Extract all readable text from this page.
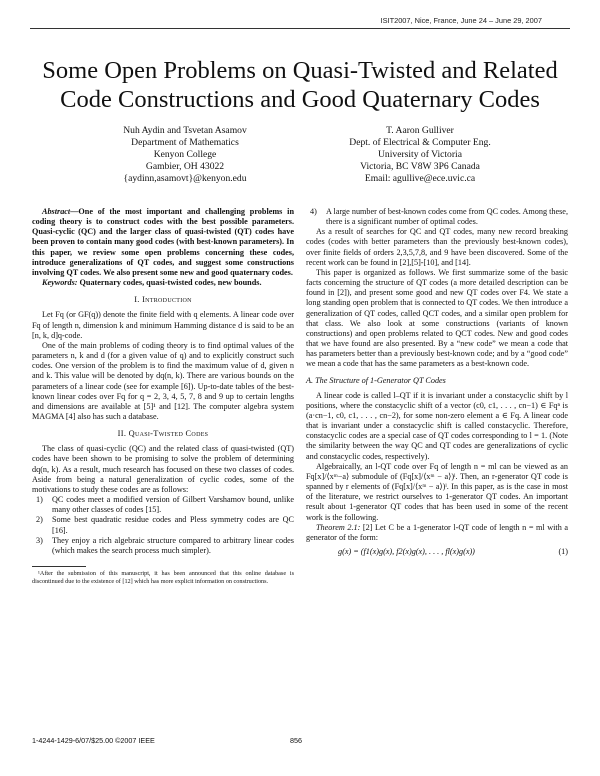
ISIT2007, Nice, France, June 24 – June 29, 2007
Some Open Problems on Quasi-Twisted and Related
Code Constructions and Good Quaternary Codes
Nuh Aydin and Tsvetan Asamov
Department of Mathematics
Kenyon College
Gambier, OH 43022
{aydinn,asamovt}@kenyon.edu
T. Aaron Gulliver
Dept. of Electrical & Computer Eng.
University of Victoria
Victoria, BC V8W 3P6 Canada
Email: agullive@ece.uvic.ca

Abstract—One of the most important and challenging problems in coding theory is to construct codes with the best possible parameters. Quasi-cyclic (QC) and the larger class of quasi-twisted (QT) codes have been proven to contain many good codes (with best-known parameters). In this paper, we review some open problems concerning these codes, introduce generalizations of QT codes, and suggest some constructions involving QT codes. We also present some new and good quaternary codes.

Keywords: Quaternary codes, quasi-twisted codes, new bounds.

I. Introduction

Let Fq (or GF(q)) denote the finite field with q elements. A linear code over Fq of length n, dimension k and minimum Hamming distance d is said to be an [n, k, d]q-code.

One of the main problems of coding theory is to find optimal values of the parameters n, k and d (for a given value of q) and to explicitly construct such codes. One version of the problem is to find the maximum value of d, given n and k. This value will be denoted by dq(n, k). There are various bounds on the parameters of a linear code (see for example [6]). Up-to-date tables of the best-known linear codes over Fq for q = 2, 3, 4, 5, 7, 8 and 9 up to certain lengths and dimensions are available at [5]¹ and [12]. The computer algebra system MAGMA [4] also has such a database.

II. Quasi-Twisted Codes

The class of quasi-cyclic (QC) and the related class of quasi-twisted (QT) codes have been shown to be promising to solve the problem of determining dq(n, k). As a result, much research has focused on these two classes of codes. Aside from being a natural generalization of cyclic codes, some of the motivations to study these codes are as follows:

1)	QC codes meet a modified version of Gilbert Varshamov bound, unlike many other classes of codes [15].
2)	Some best quadratic residue codes and Pless symmetry codes are QC [16].
3)	They enjoy a rich algebraic structure compared to arbitrary linear codes (which makes the search process much simpler).

¹After the submission of this manuscript, it has been announced that this online database is discontinued due to the existence of [12] which has more explicit information on constructions.

4)	A large number of best-known codes come from QC codes. Among these, there is a significant number of optimal codes.

As a result of searches for QC and QT codes, many new record breaking codes (codes with better parameters than the previously best-known codes), over finite fields of orders 2,3,5,7,8, and 9 have been discovered. Some of the recent work can be found in [2],[5]-[10], and [14].

This paper is organized as follows. We first summarize some of the basic facts concerning the structure of QT codes (a more detailed description can be found in [2]), and present some good and new QT codes over F4. We state a long standing open problem that is connected to QT codes. We then introduce a generalization of QT codes, called QCT codes, and a similar open problem for that class. We also look at some constructions (variants of known constructions) and open problems related to QCT codes. New and good codes that we have found are also presented. By a “new code” we mean a code that has parameters better than a previously best-known code; and by a “good code” we mean a code that has the same parameters as a best-known code.

A. The Structure of 1-Generator QT Codes

A linear code is called l–QT if it is invariant under a constacyclic shift by l positions, where the constacyclic shift of a vector (c0, c1, . . . , cn−1) ∈ Fqⁿ is (a·cn−1, c0, c1, . . . , cn−2), for some non-zero element a ∈ Fq. A linear code that is invariant under a constacyclic shift is called constacyclic. Therefore, constacyclic codes are a special case of QT codes corresponding to l = 1. (Note the similarity between the way QC and QT codes are generalizations of cyclic and constacyclic codes, respectively).

Algebraically, an l-QT code over Fq of length n = ml can be viewed as an Fq[x]/⟨xᵐ−a⟩ submodule of (Fq[x]/⟨xᵐ − a⟩)ˡ. Then, an r-generator QT code is spanned by r elements of (Fq[x]/⟨xᵐ − a⟩)ˡ. In this paper, as is the case in most of the literature, we restrict ourselves to 1-generator QT codes. An important result about 1-generator QT codes that has been used in some of the recent work is the following.

Theorem 2.1: [2] Let C be a 1-generator l-QT code of length n = ml with a generator of the form:

g(x) = (f1(x)g(x), f2(x)g(x), . . . , fl(x)g(x))	(1)
1-4244-1429-6/07/$25.00 ©2007 IEEE	856
